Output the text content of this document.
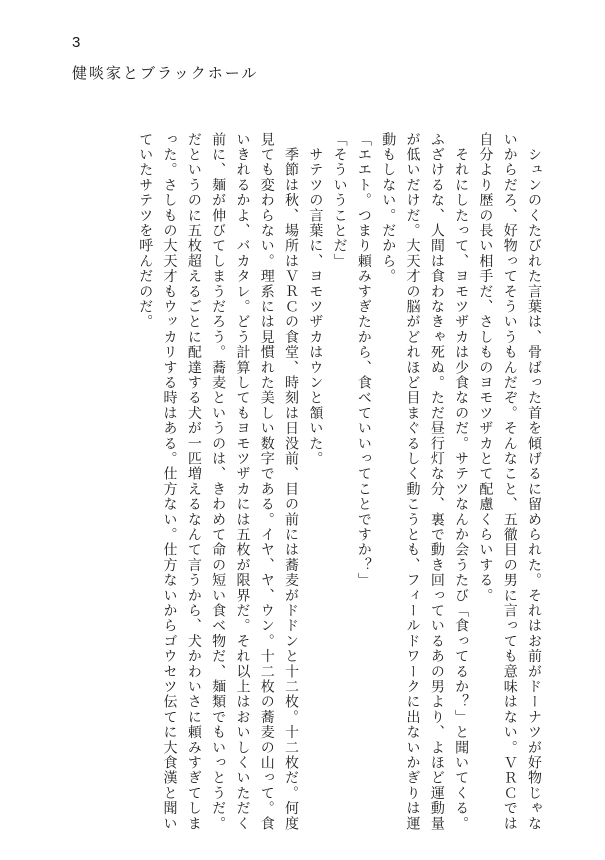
3
健啖家とブラックホール

　シュンのくたびれた言葉は、骨ばった首を傾げるに留められた。それはお前がドーナツが好物じゃないからだろ、好物ってそういうもんだぞ。そんなこと、五徹目の男に言っても意味はない。ＶＲＣでは自分より歴の長い相手だ、さしものヨモツザカとて配慮くらいする。

　それにしたって、ヨモツザカは少食なのだ。サテツなんか会うたび「食ってるか？」と聞いてくる。ふざけるな、人間は食わなきゃ死ぬ。ただ昼行灯な分、裏で動き回っているあの男より、よほど運動量が低いだけだ。大天才の脳がどれほど目まぐるしく動こうとも、フィールドワークに出ないかぎりは運動もしない。だから。

「エエト。つまり頼みすぎたから、食べていいってことですか？」

「そういうことだ」

　サテツの言葉に、ヨモツザカはウンと頷いた。

　季節は秋、場所はＶＲＣの食堂、時刻は日没前、目の前には蕎麦がドドンと十二枚。十二枚だ。何度見ても変わらない。理系には見慣れた美しい数字である。イヤ、ヤ、ウン。十二枚の蕎麦の山って。食いきれるかよ、バカタレ。どう計算してもヨモツザカには五枚が限界だ。それ以上はおいしくいただく前に、麺が伸びてしまうだろう。蕎麦というのは、きわめて命の短い食べ物だ、麺類でもいっとうだ。だというのに五枚超えるごとに配達する犬が一匹増えるなんて言うから、犬かわいさに頼みすぎてしまった。さしもの大天才もウッカリする時はある。仕方ない。仕方ないからゴウセツ伝てに大食漢と聞いていたサテツを呼んだのだ。
